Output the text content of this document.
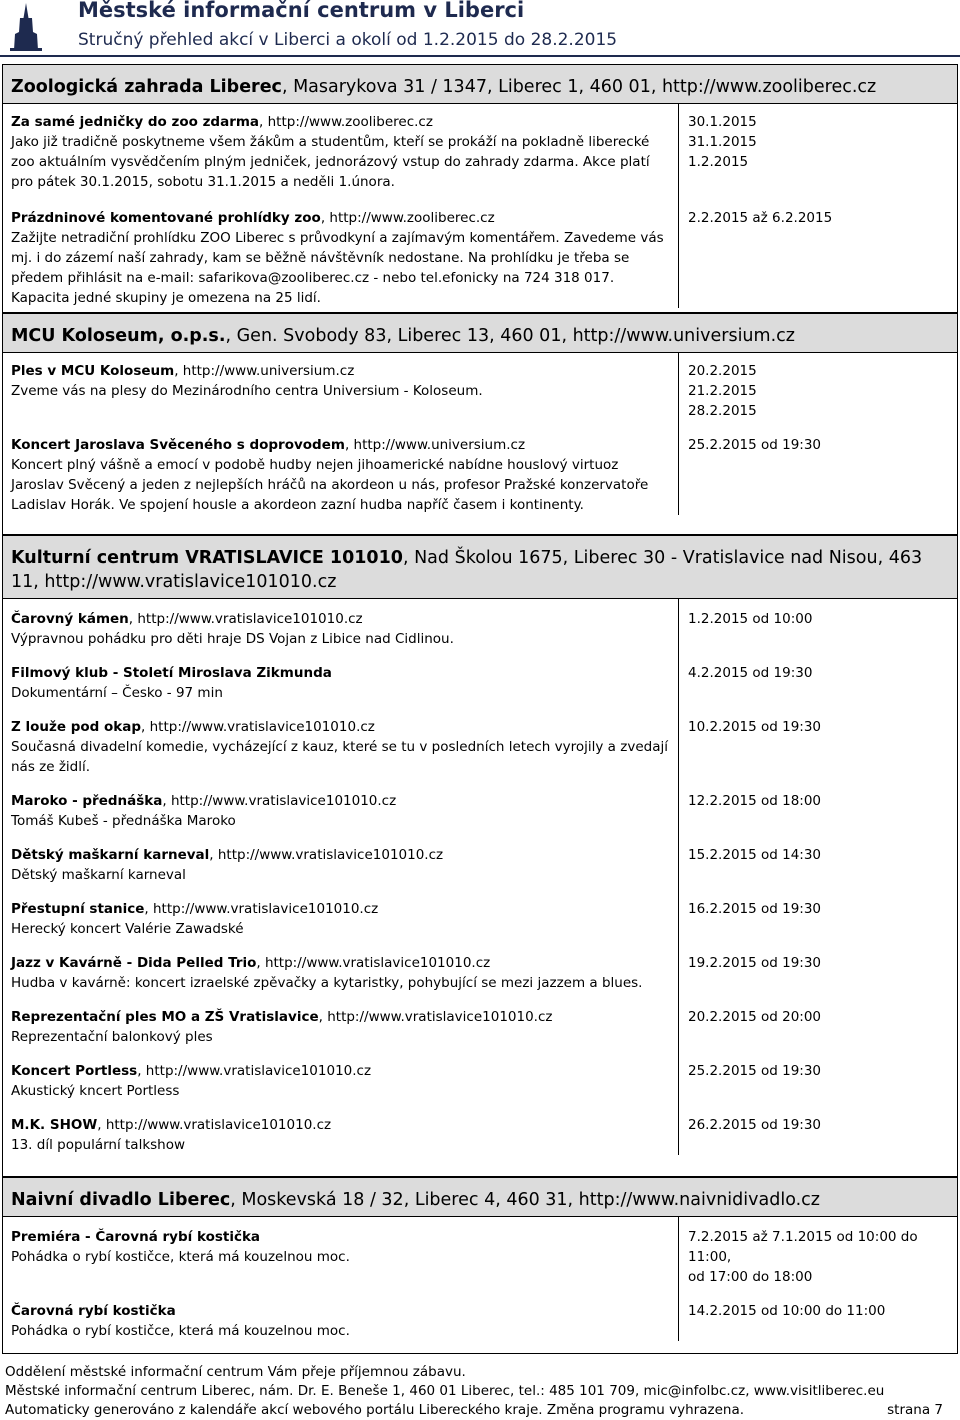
Městské informační centrum v Liberci
Stručný přehled akcí v Liberci a okolí od 1.2.2015 do 28.2.2015
Zoologická zahrada Liberec, Masarykova 31 / 1347, Liberec 1, 460 01, http://www.zooliberec.cz
Za samé jedničky do zoo zdarma, http://www.zooliberec.cz
Jako již tradičně poskytneme všem žákům a studentům, kteří se prokáží na pokladně liberecké zoo aktuálním vysvědčením plným jedniček, jednorázový vstup do zahrady zdarma. Akce platí pro pátek 30.1.2015, sobotu 31.1.2015 a neděli 1.února.
30.1.2015
31.1.2015
1.2.2015
Prázdninové komentované prohlídky zoo, http://www.zooliberec.cz
Zažijte netradiční prohlídku ZOO Liberec s průvodkyní a zajímavým komentářem. Zavedeme vás mj. i do zázemí naší zahrady, kam se běžně návštěvník nedostane. Na prohlídku je třeba se předem přihlásit na e-mail: safarikova@zooliberec.cz - nebo tel.efonicky na 724 318 017. Kapacita jedné skupiny je omezena na 25 lidí.
2.2.2015 až 6.2.2015
MCU Koloseum, o.p.s., Gen. Svobody 83, Liberec 13, 460 01, http://www.universium.cz
Ples v MCU Koloseum, http://www.universium.cz
Zveme vás na plesy do Mezinárodního centra Universium - Koloseum.
20.2.2015
21.2.2015
28.2.2015
Koncert Jaroslava Svěceného s doprovodem, http://www.universium.cz
Koncert plný vášně a emocí v podobě hudby nejen jihoamerické nabídne houslový virtuoz Jaroslav Svěcený a jeden z nejlepších hráčů na akordeon u nás, profesor Pražské konzervatoře Ladislav Horák. Ve spojení housle a akordeon zazní hudba napříč časem i kontinenty.
25.2.2015 od 19:30
Kulturní centrum VRATISLAVICE 101010, Nad Školou 1675, Liberec 30 - Vratislavice nad Nisou, 463 11, http://www.vratislavice101010.cz
Čarovný kámen, http://www.vratislavice101010.cz
Výpravnou pohádku pro děti hraje DS Vojan z Libice nad Cidlinou.
1.2.2015 od 10:00
Filmový klub - Století Miroslava Zikmunda
Dokumentární – Česko - 97 min
4.2.2015 od 19:30
Z louže pod okap, http://www.vratislavice101010.cz
Současná divadelní komedie, vycházející z kauz, které se tu v posledních letech vyrojily a zvedají nás ze židlí.
10.2.2015 od 19:30
Maroko - přednáška, http://www.vratislavice101010.cz
Tomáš Kubeš - přednáška Maroko
12.2.2015 od 18:00
Dětský maškarní karneval, http://www.vratislavice101010.cz
Dětský maškarní karneval
15.2.2015 od 14:30
Přestupní stanice, http://www.vratislavice101010.cz
Herecký koncert Valérie Zawadské
16.2.2015 od 19:30
Jazz v Kavárně - Dida Pelled Trio, http://www.vratislavice101010.cz
Hudba v kavárně: koncert izraelské zpěvačky a kytaristky, pohybující se mezi jazzem a blues.
19.2.2015 od 19:30
Reprezentační ples MO a ZŠ Vratislavice, http://www.vratislavice101010.cz
Reprezentační balonkový ples
20.2.2015 od 20:00
Koncert Portless, http://www.vratislavice101010.cz
Akustický kncert Portless
25.2.2015 od 19:30
M.K. SHOW, http://www.vratislavice101010.cz
13. díl populární talkshow
26.2.2015 od 19:30
Naivní divadlo Liberec, Moskevská 18 / 32, Liberec 4, 460 31, http://www.naivnidivadlo.cz
Premiéra - Čarovná rybí kostička
Pohádka o rybí kostičce, která má kouzelnou moc.
7.2.2015 až 7.1.2015 od 10:00 do 11:00,
od 17:00 do 18:00
Čarovná rybí kostička
Pohádka o rybí kostičce, která má kouzelnou moc.
14.2.2015 od 10:00 do 11:00
Oddělení městské informační centrum Vám přeje příjemnou zábavu.
Městské informační centrum Liberec, nám. Dr. E. Beneše 1, 460 01 Liberec, tel.: 485 101 709, mic@infolbc.cz, www.visitliberec.eu
Automaticky generováno z kalendáře akcí webového portálu Libereckého kraje. Změna programu vyhrazena.	strana 7
